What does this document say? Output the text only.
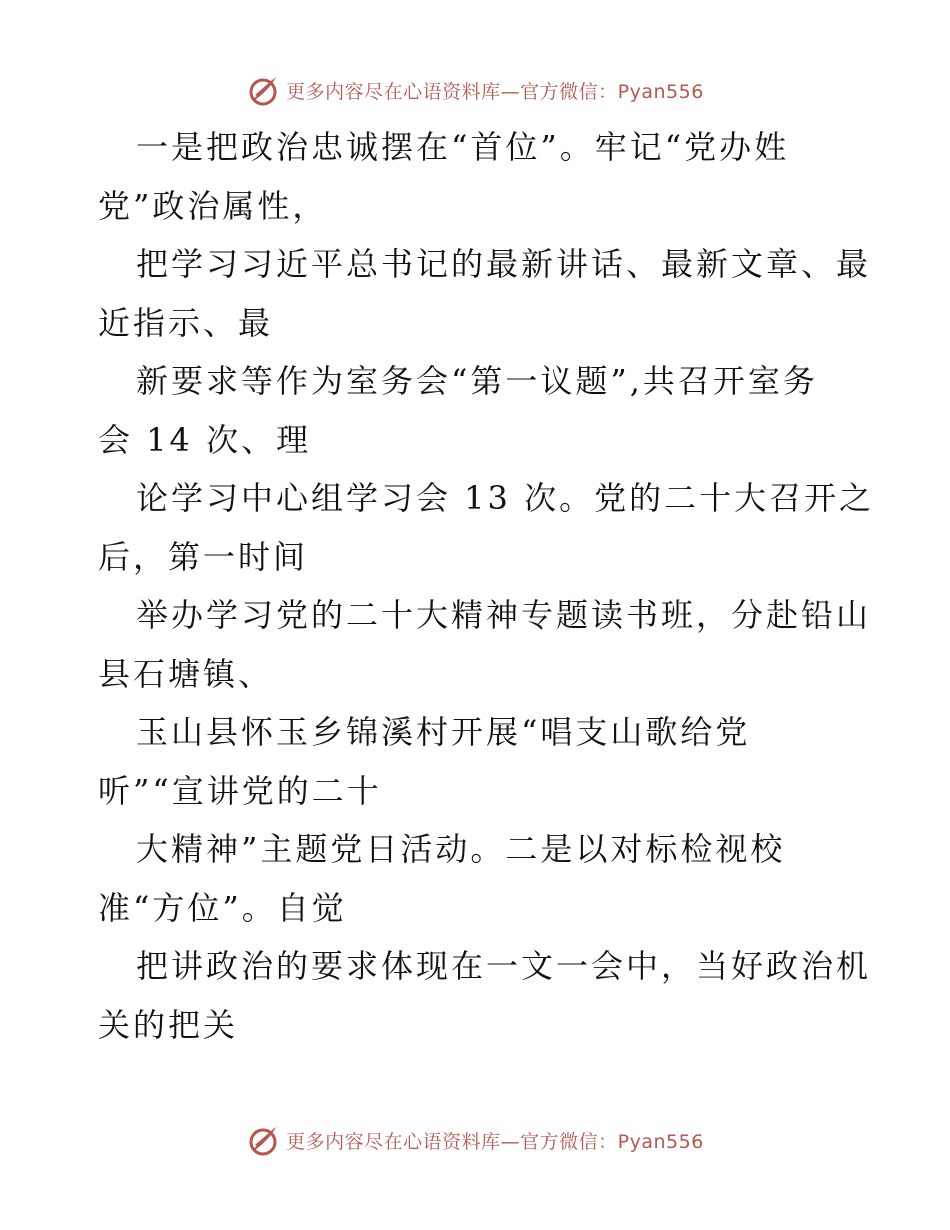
更多内容尽在心语资料库—官方微信：Pyan556
一是把政治忠诚摆在“首位”。牢记“党办姓
党”政治属性，
把学习习近平总书记的最新讲话、最新文章、最
近指示、最
新要求等作为室务会“第一议题”,共召开室务
会 14 次、理
论学习中心组学习会 13 次。党的二十大召开之
后，第一时间
举办学习党的二十大精神专题读书班，分赴铅山
县石塘镇、
玉山县怀玉乡锦溪村开展“唱支山歌给党
听”“宣讲党的二十
大精神”主题党日活动。二是以对标检视校
准“方位”。自觉
把讲政治的要求体现在一文一会中，当好政治机
关的把关
更多内容尽在心语资料库—官方微信：Pyan556
